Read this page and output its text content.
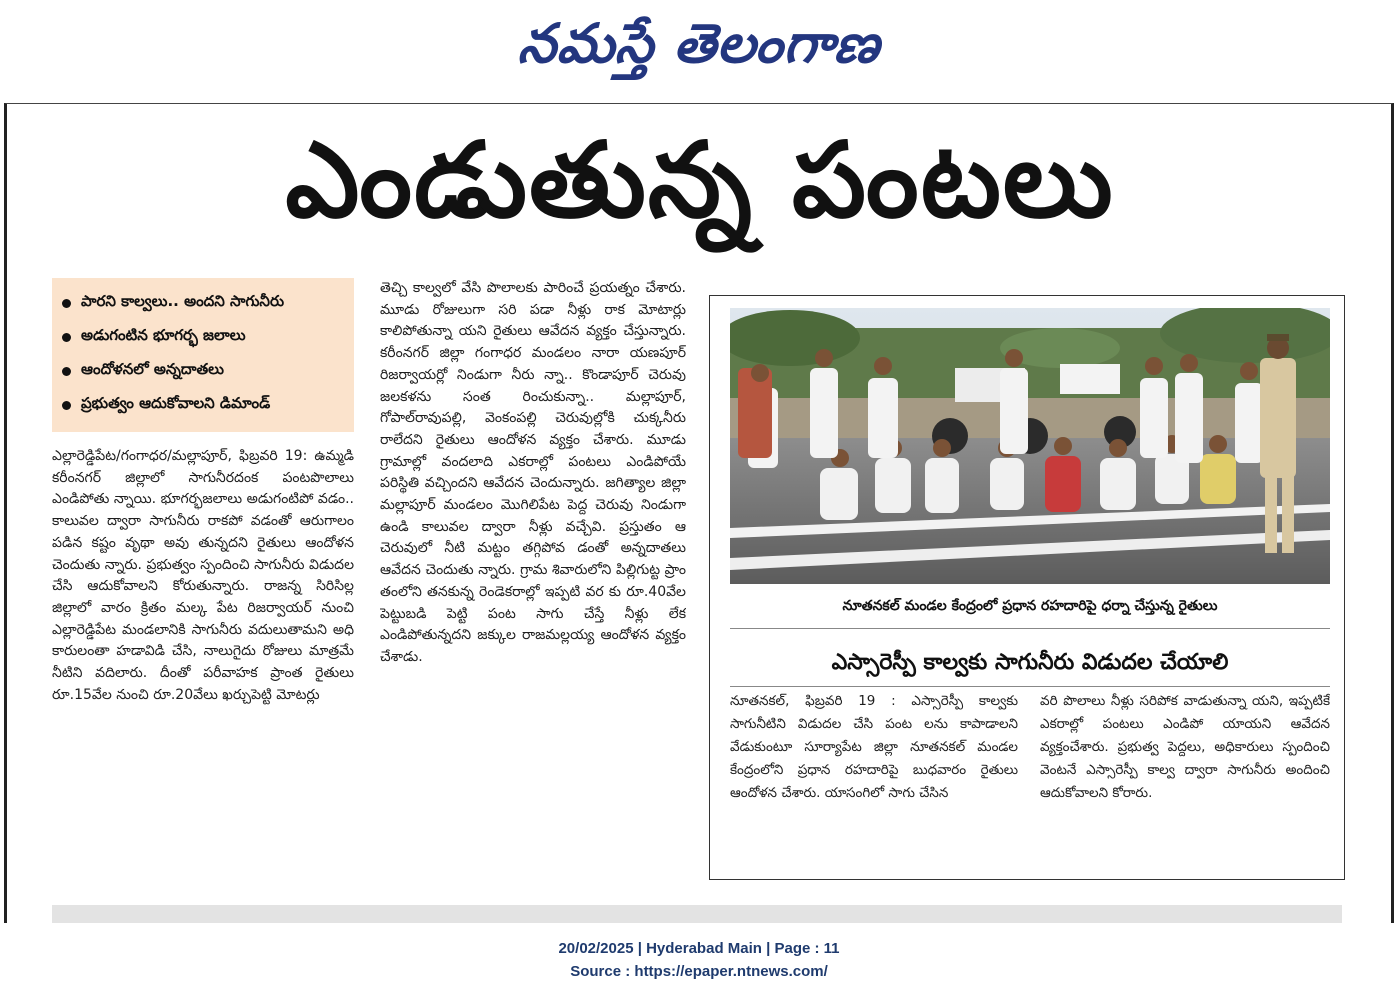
నమస్తే తెలంగాణ
ఎండుతున్న పంటలు
పారని కాల్వలు.. అందని సాగునీరు
అడుగంటిన భూగర్భ జలాలు
ఆందోళనలో అన్నదాతలు
ప్రభుత్వం ఆదుకోవాలని డిమాండ్

ఎల్లారెడ్డిపేట/గంగాధర/మల్లాపూర్, ఫిబ్రవరి 19: ఉమ్మడి కరీంనగర్ జిల్లాలో సాగునీరదంక పంటపొలాలు ఎండిపోతు న్నాయి. భూగర్భజలాలు అడుగంటిపో వడం.. కాలువల ద్వారా సాగునీరు రాకపో వడంతో ఆరుగాలం పడిన కష్టం వృథా అవు తున్నదని రైతులు ఆందోళన చెందుతు న్నారు. ప్రభుత్వం స్పందించి సాగునీరు విడుదల చేసి ఆదుకోవాలని కోరుతున్నారు. రాజన్న సిరిసిల్ల జిల్లాలో వారం క్రితం మల్క పేట రిజర్వాయర్ నుంచి ఎల్లారెడ్డిపేట మండలానికి సాగునీరు వదులుతామని అధి కారులంతా హడావిడి చేసి, నాలుగైదు రోజులు మాత్రమే నీటిని వదిలారు. దీంతో పరీవాహక ప్రాంత రైతులు రూ.15వేల నుంచి రూ.20వేలు ఖర్చుపెట్టి మోటర్లు

తెచ్చి కాల్వలో వేసి పొలాలకు పారించే ప్రయత్నం చేశారు. మూడు రోజులుగా సరి పడా నీళ్లు రాక మోటార్లు కాలిపోతున్నా యని రైతులు ఆవేదన వ్యక్తం చేస్తున్నారు. కరీంనగర్ జిల్లా గంగాధర మండలం నారా యణపూర్ రిజర్వాయర్లో నిండుగా నీరు న్నా.. కొండాపూర్ చెరువు జలకళను సంత రించుకున్నా.. మల్లాపూర్, గోపాల్‌రావుపల్లి, వెంకంపల్లి చెరువుల్లోకి చుక్కనీరు రాలేదని రైతులు ఆందోళన వ్యక్తం చేశారు. మూడు గ్రామాల్లో వందలాది ఎకరాల్లో పంటలు ఎండిపోయే పరిస్థితి వచ్చిందని ఆవేదన చెందున్నారు. జగిత్యాల జిల్లా మల్లాపూర్ మండలం మొగిలిపేట పెద్ద చెరువు నిండుగా ఉండి కాలువల ద్వారా నీళ్లు వచ్చేవి. ప్రస్తుతం ఆ చెరువులో నీటి మట్టం తగ్గిపోవ డంతో అన్నదాతలు ఆవేదన చెందుతు న్నారు. గ్రామ శివారులోని పిల్లిగుట్ట ప్రాం తంలోని తనకున్న రెండెకరాల్లో ఇప్పటి వర కు రూ.40వేల పెట్టుబడి పెట్టి పంట సాగు చేస్తే నీళ్లు లేక ఎండిపోతున్నదని జక్కుల రాజమల్లయ్య ఆందోళన వ్యక్తం చేశాడు.

నూతనకల్ మండల కేంద్రంలో ప్రధాన రహదారిపై ధర్నా చేస్తున్న రైతులు
ఎస్సారెస్పీ కాల్వకు సాగునీరు విడుదల చేయాలి

నూతనకల్, ఫిబ్రవరి 19 : ఎస్సారెస్పీ కాల్వకు సాగునీటిని విడుదల చేసి పంట లను కాపాడాలని వేడుకుంటూ సూర్యాపేట జిల్లా నూతనకల్ మండల కేంద్రంలోని ప్రధాన రహదారిపై బుధవారం రైతులు ఆందోళన చేశారు. యాసంగిలో సాగు చేసిన

వరి పొలాలు నీళ్లు సరిపోక వాడుతున్నా యని, ఇప్పటికే ఎకరాల్లో పంటలు ఎండిపో యాయని ఆవేదన వ్యక్తంచేశారు. ప్రభుత్వ పెద్దలు, అధికారులు స్పందించి వెంటనే ఎస్సారెస్పీ కాల్వ ద్వారా సాగునీరు అందించి ఆదుకోవాలని కోరారు.

20/02/2025 | Hyderabad Main | Page : 11
Source : https://epaper.ntnews.com/
